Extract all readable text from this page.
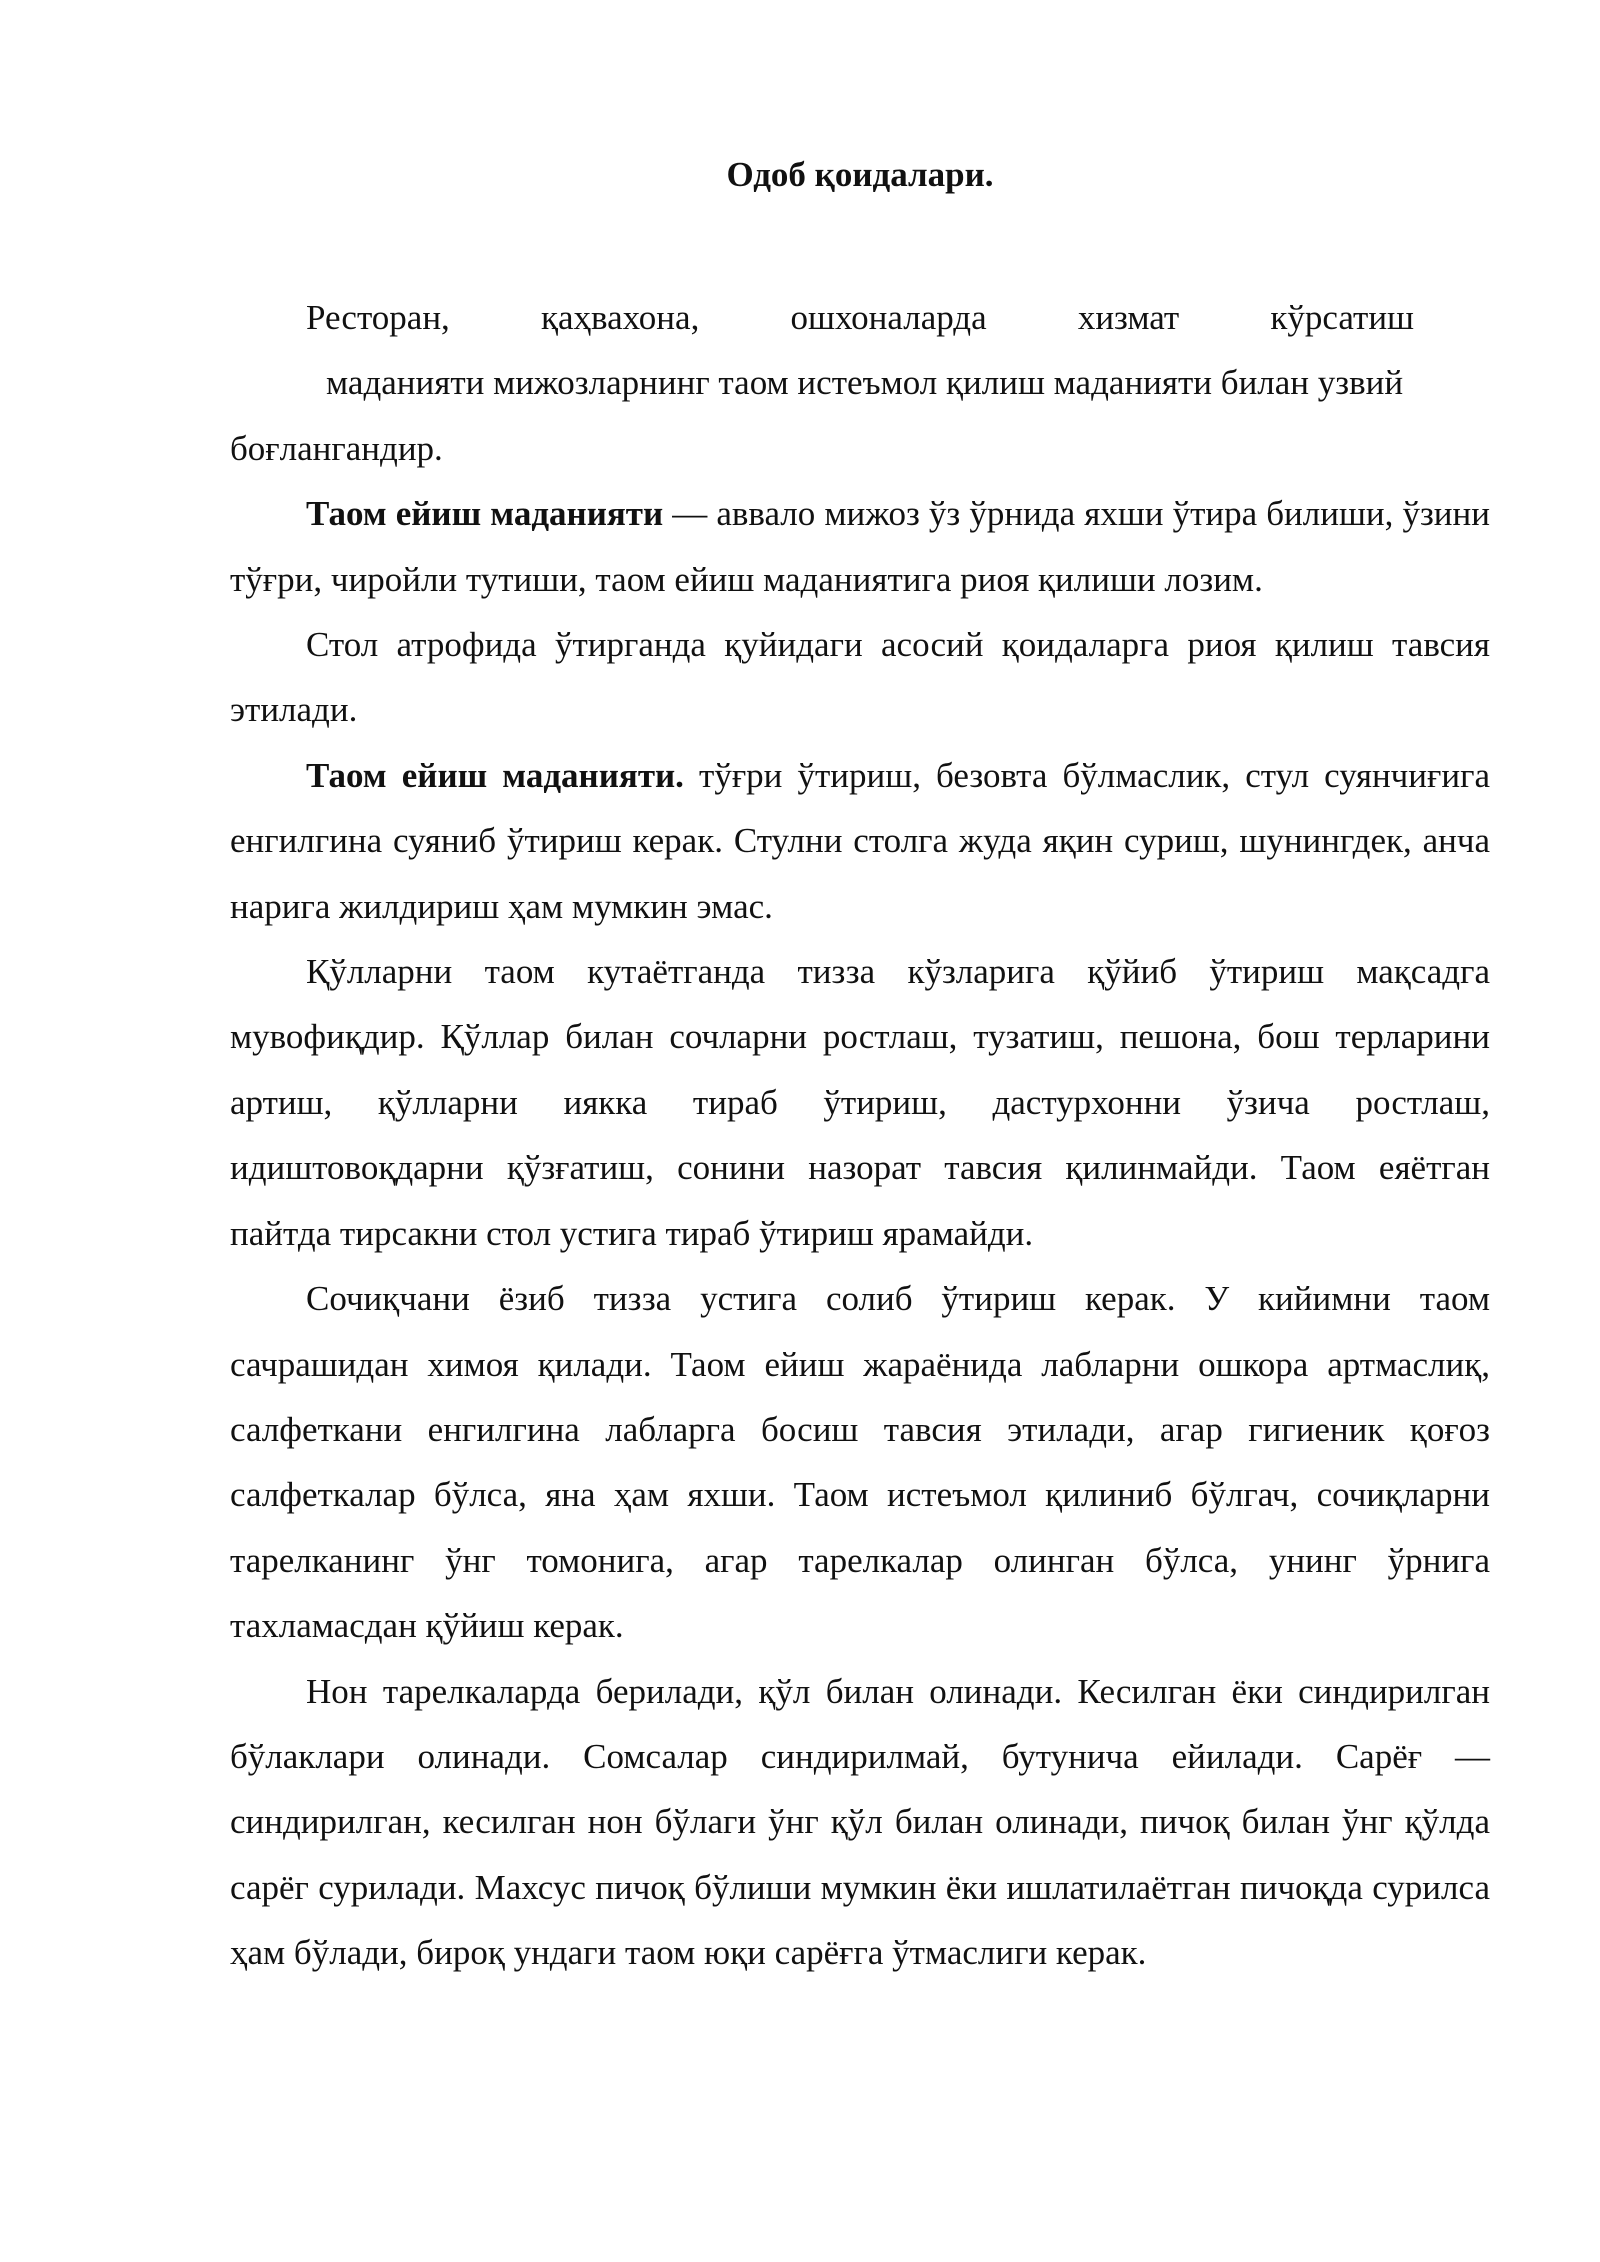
Одоб қоидалари.
Ресторан,	қаҳвахона,	ошхоналарда	хизмат	кўрсатиш
маданияти мижозларнинг таом истеъмол қилиш маданияти билан узвий
боғлангандир.

Таом ейиш маданияти — аввало мижоз ўз ўрнида яхши ўтира билиши, ўзини тўғри, чиройли тутиши, таом ейиш маданиятига риоя қилиши лозим.

Стол атрофида ўтирганда қуйидаги асосий қоидаларга риоя қилиш тавсия этилади.

Таом ейиш маданияти. тўғри ўтириш, безовта бўлмаслик, стул суянчиғига енгилгина суяниб ўтириш керак. Стулни столга жуда яқин суриш, шунингдек, анча нарига жилдириш ҳам мумкин эмас.

Қўлларни таом кутаётганда тизза кўзларига қўйиб ўтириш мақсадга мувофиқдир. Қўллар билан сочларни ростлаш, тузатиш, пешона, бош терларини артиш, қўлларни иякка тираб ўтириш, дастурхонни ўзича ростлаш, идиштовоқдарни қўзғатиш, сонини назорат тавсия қилинмайди. Таом еяётган пайтда тирсакни стол устига тираб ўтириш ярамайди.

Сочиқчани ёзиб тизза устига солиб ўтириш керак. У кийимни таом сачрашидан химоя қилади. Таом ейиш жараёнида лабларни ошкора артмаслиқ, салфеткани енгилгина лабларга босиш тавсия этилади, агар гигиеник қоғоз салфеткалар бўлса, яна ҳам яхши. Таом истеъмол қилиниб бўлгач, сочиқларни тарелканинг ўнг томонига, агар тарелкалар олинган бўлса, унинг ўрнига тахламасдан қўйиш керак.

Нон тарелкаларда берилади, қўл билан олинади. Кесилган ёки синдирилган бўлаклари олинади. Сомсалар синдирилмай, бутунича ейилади. Сарёғ — синдирилган, кесилган нон бўлаги ўнг қўл билан олинади, пичоқ билан ўнг қўлда сарёг сурилади. Махсус пичоқ бўлиши мумкин ёки ишлатилаётган пичоқда сурилса ҳам бўлади, бироқ ундаги таом юқи сарёғга ўтмаслиги керак.
